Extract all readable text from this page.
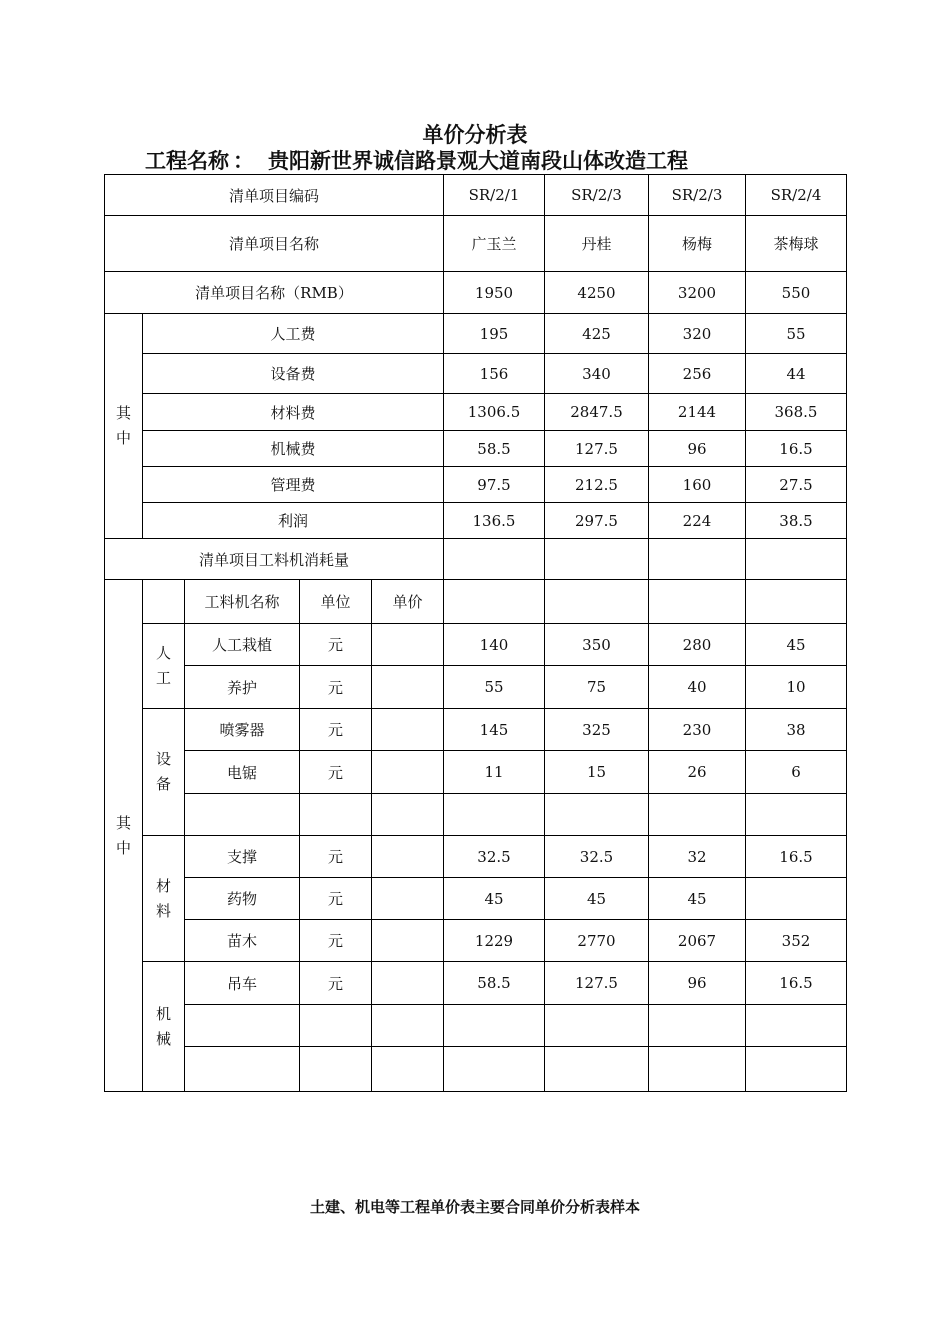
单价分析表
工程名称 ： 贵阳新世界诚信路景观大道南段山体改造工程
清单项目编码					SR/2/1	SR/2/3	SR/2/3	SR/2/4
清单项目名称					广玉兰	丹桂	杨梅	茶梅球
清单项目名称（RMB）					1950	4250	3200	550

其
中	人工费				195	425	320	55
	设备费				156	340	256	44
	材料费				1306.5	2847.5	2144	368.5
	机械费				58.5	127.5	96	16.5
	管理费				97.5	212.5	160	27.5
	利润				136.5	297.5	224	38.5
清单项目工料机消耗量								

其
中		工料机名称	单位	单价				

	人
工	人工栽植	元		140	350	280	45
		养护	元		55	75	40	10

	设
备	喷雾器	元		145	325	230	38
		电锯	元		11	15	26	6

	材
料	支撑	元		32.5	32.5	32	16.5
		药物	元		45	45	45	
		苗木	元		1229	2770	2067	352

	机
械	吊车	元		58.5	127.5	96	16.5

土建、机电等工程单价表主要合同单价分析表样本
